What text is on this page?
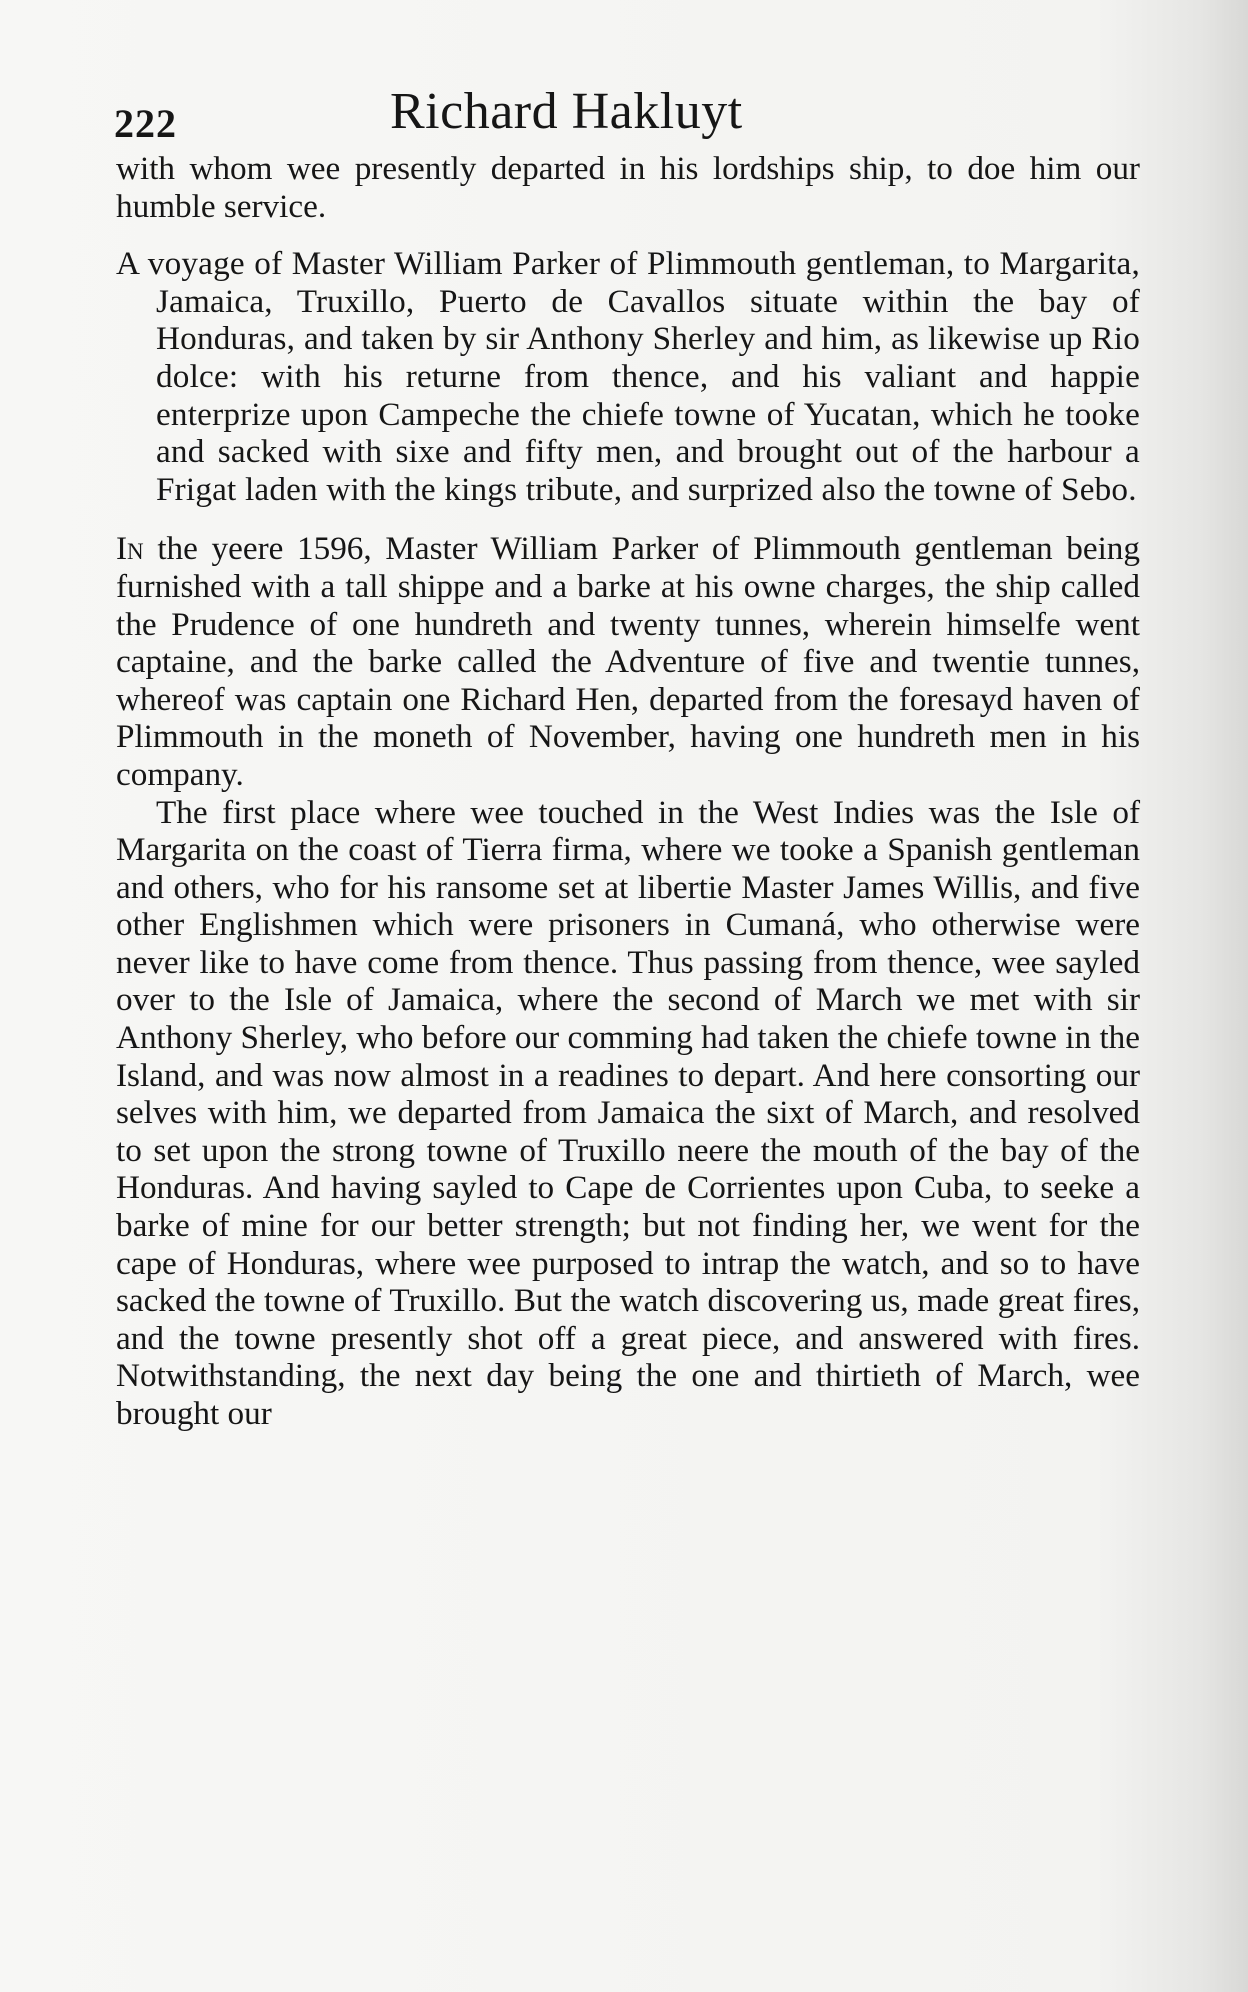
222	Richard Hakluyt

with whom wee presently departed in his lordships ship, to doe him our humble service.

A voyage of Master William Parker of Plimmouth gentleman, to Margarita, Jamaica, Truxillo, Puerto de Cavallos situate within the bay of Honduras, and taken by sir Anthony Sherley and him, as likewise up Rio dolce: with his returne from thence, and his valiant and happie enterprize upon Campeche the chiefe towne of Yucatan, which he tooke and sacked with sixe and fifty men, and brought out of the harbour a Frigat laden with the kings tribute, and surprized also the towne of Sebo.

In the yeere 1596, Master William Parker of Plimmouth gentleman being furnished with a tall shippe and a barke at his owne charges, the ship called the Prudence of one hundreth and twenty tunnes, wherein himselfe went captaine, and the barke called the Adventure of five and twentie tunnes, whereof was captain one Richard Hen, departed from the foresayd haven of Plimmouth in the moneth of November, having one hundreth men in his company.

The first place where wee touched in the West Indies was the Isle of Margarita on the coast of Tierra firma, where we tooke a Spanish gentleman and others, who for his ransome set at libertie Master James Willis, and five other Englishmen which were prisoners in Cumaná, who otherwise were never like to have come from thence. Thus passing from thence, wee sayled over to the Isle of Jamaica, where the second of March we met with sir Anthony Sherley, who before our comming had taken the chiefe towne in the Island, and was now almost in a readines to depart. And here consorting our selves with him, we departed from Jamaica the sixt of March, and resolved to set upon the strong towne of Truxillo neere the mouth of the bay of the Honduras. And having sayled to Cape de Corrientes upon Cuba, to seeke a barke of mine for our better strength; but not finding her, we went for the cape of Honduras, where wee purposed to intrap the watch, and so to have sacked the towne of Truxillo. But the watch discovering us, made great fires, and the towne presently shot off a great piece, and answered with fires. Notwithstanding, the next day being the one and thirtieth of March, wee brought our
